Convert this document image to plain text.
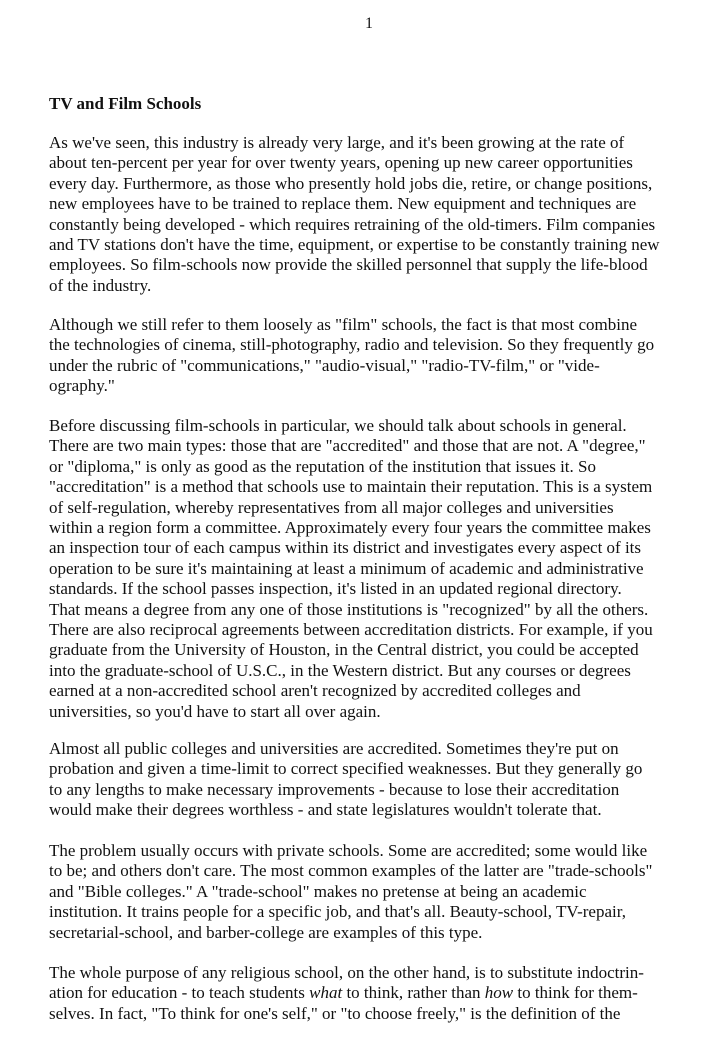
1
TV and Film Schools

As we've seen, this industry is already very large, and it's been growing at the rate of
about ten-percent per year for over twenty years, opening up new career opportunities
every day. Furthermore, as those who presently hold jobs die, retire, or change positions,
new employees have to be trained to replace them. New equipment and techniques are
constantly being developed - which requires retraining of the old-timers. Film companies
and TV stations don't have the time, equipment, or expertise to be constantly training new
employees. So film-schools now provide the skilled personnel that supply the life-blood
of the industry.

Although we still refer to them loosely as "film" schools, the fact is that most combine
the technologies of cinema, still-photography, radio and television. So they frequently go
under the rubric of "communications," "audio-visual," "radio-TV-film," or "vide-
ography."

Before discussing film-schools in particular, we should talk about schools in general.
There are two main types: those that are "accredited" and those that are not. A "degree,"
or "diploma," is only as good as the reputation of the institution that issues it. So
"accreditation" is a method that schools use to maintain their reputation. This is a system
of self-regulation, whereby representatives from all major colleges and universities
within a region form a committee. Approximately every four years the committee makes
an inspection tour of each campus within its district and investigates every aspect of its
operation to be sure it's maintaining at least a minimum of academic and administrative
standards. If the school passes inspection, it's listed in an updated regional directory.
That means a degree from any one of those institutions is "recognized" by all the others.
There are also reciprocal agreements between accreditation districts. For example, if you
graduate from the University of Houston, in the Central district, you could be accepted
into the graduate-school of U.S.C., in the Western district. But any courses or degrees
earned at a non-accredited school aren't recognized by accredited colleges and
universities, so you'd have to start all over again.

Almost all public colleges and universities are accredited. Sometimes they're put on
probation and given a time-limit to correct specified weaknesses. But they generally go
to any lengths to make necessary improvements - because to lose their accreditation
would make their degrees worthless - and state legislatures wouldn't tolerate that.

The problem usually occurs with private schools. Some are accredited; some would like
to be; and others don't care. The most common examples of the latter are "trade-schools"
and "Bible colleges." A "trade-school" makes no pretense at being an academic
institution. It trains people for a specific job, and that's all. Beauty-school, TV-repair,
secretarial-school, and barber-college are examples of this type.

The whole purpose of any religious school, on the other hand, is to substitute indoctrin-
ation for education - to teach students what to think, rather than how to think for them-
selves. In fact, "To think for one's self," or "to choose freely," is the definition of the
